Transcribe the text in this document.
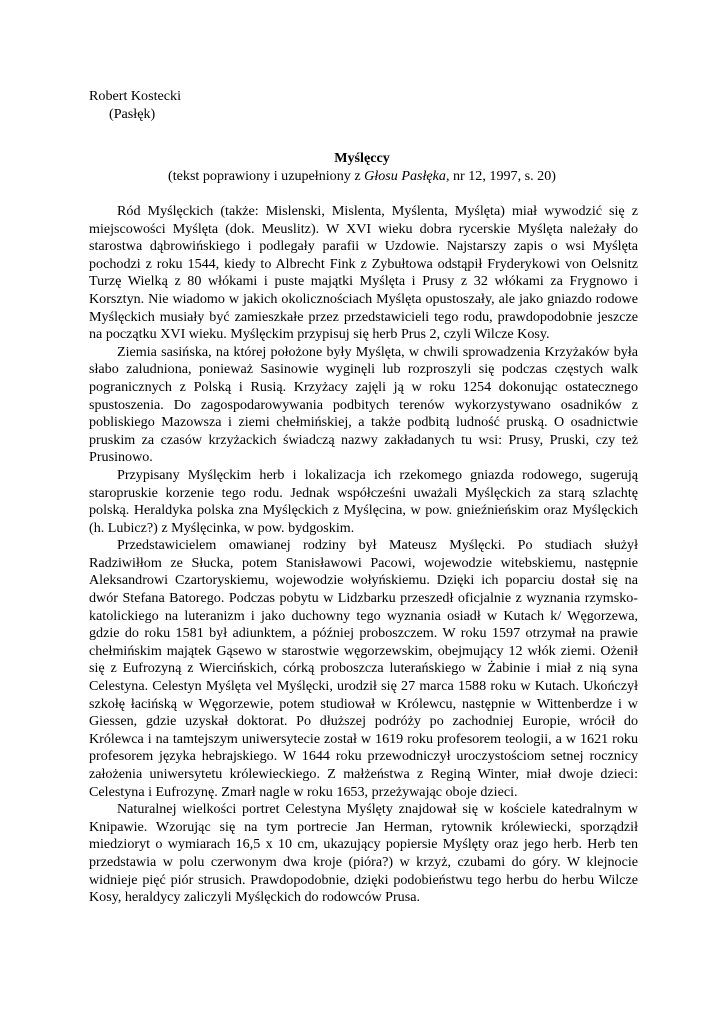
Robert Kostecki
(Pasłęk)
Myślęccy
(tekst poprawiony i uzupełniony z Głosu Pasłęka, nr 12, 1997, s. 20)

Ród Myślęckich (także: Mislenski, Mislenta, Myślenta, Myślęta) miał wywodzić się z miejscowości Myślęta (dok. Meuslitz). W XVI wieku dobra rycerskie Myślęta należały do starostwa dąbrowińskiego i podlegały parafii w Uzdowie. Najstarszy zapis o wsi Myślęta pochodzi z roku 1544, kiedy to Albrecht Fink z Zybułtowa odstąpił Fryderykowi von Oelsnitz Turzę Wielką z 80 włókami i puste majątki Myślęta i Prusy z 32 włókami za Frygnowo i Korsztyn. Nie wiadomo w jakich okolicznościach Myślęta opustoszały, ale jako gniazdo rodowe Myślęckich musiały być zamieszkałe przez przedstawicieli tego rodu, prawdopodobnie jeszcze na początku XVI wieku. Myślęckim przypisuj się herb Prus 2, czyli Wilcze Kosy.

Ziemia sasińska, na której położone były Myślęta, w chwili sprowadzenia Krzyżaków była słabo zaludniona, ponieważ Sasinowie wyginęli lub rozproszyli się podczas częstych walk pogranicznych z Polską i Rusią. Krzyżacy zajęli ją w roku 1254 dokonując ostatecznego spustoszenia. Do zagospodarowywania podbitych terenów wykorzystywano osadników z pobliskiego Mazowsza i ziemi chełmińskiej, a także podbitą ludność pruską. O osadnictwie pruskim za czasów krzyżackich świadczą nazwy zakładanych tu wsi: Prusy, Pruski, czy też Prusinowo.

Przypisany Myślęckim herb i lokalizacja ich rzekomego gniazda rodowego, sugerują staropruskie korzenie tego rodu. Jednak współcześni uważali Myślęckich za starą szlachtę polską. Heraldyka polska zna Myślęckich z Myślęcina, w pow. gnieźnieńskim oraz Myślęckich (h. Lubicz?) z Myślęcinka, w pow. bydgoskim.

Przedstawicielem omawianej rodziny był Mateusz Myślęcki. Po studiach służył Radziwiłłom ze Słucka, potem Stanisławowi Pacowi, wojewodzie witebskiemu, następnie Aleksandrowi Czartoryskiemu, wojewodzie wołyńskiemu. Dzięki ich poparciu dostał się na dwór Stefana Batorego. Podczas pobytu w Lidzbarku przeszedł oficjalnie z wyznania rzymsko-katolickiego na luteranizm i jako duchowny tego wyznania osiadł w Kutach k/ Węgorzewa, gdzie do roku 1581 był adiunktem, a później proboszczem. W roku 1597 otrzymał na prawie chełmińskim majątek Gąsewo w starostwie węgorzewskim, obejmujący 12 włók ziemi. Ożenił się z Eufrozyną z Wiercińskich, córką proboszcza luterańskiego w Żabinie i miał z nią syna Celestyna. Celestyn Myślęta vel Myślęcki, urodził się 27 marca 1588 roku w Kutach. Ukończył szkołę łacińską w Węgorzewie, potem studiował w Królewcu, następnie w Wittenberdze i w Giessen, gdzie uzyskał doktorat. Po dłuższej podróży po zachodniej Europie, wrócił do Królewca i na tamtejszym uniwersytecie został w 1619 roku profesorem teologii, a w 1621 roku profesorem języka hebrajskiego. W 1644 roku przewodniczył uroczystościom setnej rocznicy założenia uniwersytetu królewieckiego. Z małżeństwa z Reginą Winter, miał dwoje dzieci: Celestyna i Eufrozynę. Zmarł nagle w roku 1653, przeżywając oboje dzieci.

Naturalnej wielkości portret Celestyna Myślęty znajdował się w kościele katedralnym w Knipawie. Wzorując się na tym portrecie Jan Herman, rytownik królewiecki, sporządził miedzioryt o wymiarach 16,5 x 10 cm, ukazujący popiersie Myślęty oraz jego herb. Herb ten przedstawia w polu czerwonym dwa kroje (pióra?) w krzyż, czubami do góry. W klejnocie widnieje pięć piór strusich. Prawdopodobnie, dzięki podobieństwu tego herbu do herbu Wilcze Kosy, heraldycy zaliczyli Myślęckich do rodowców Prusa.
